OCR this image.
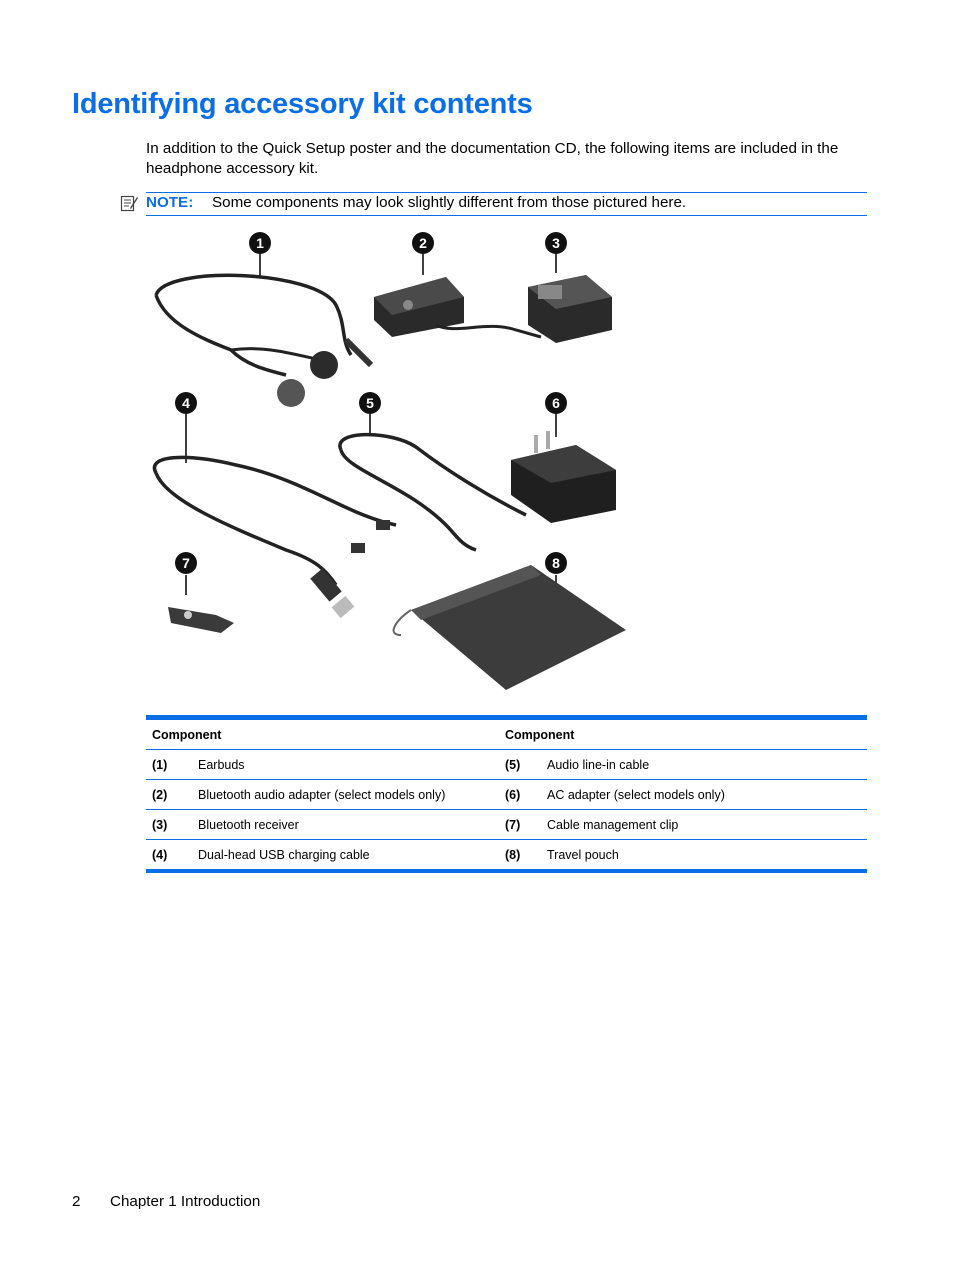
Identifying accessory kit contents

In addition to the Quick Setup poster and the documentation CD, the following items are included in the headphone accessory kit.

NOTE: Some components may look slightly different from those pictured here.
1	2	3
4	5	6
7	8
Component	Component
(1) Earbuds	(5) Audio line-in cable
(2) Bluetooth audio adapter (select models only)	(6) AC adapter (select models only)
(3) Bluetooth receiver	(7) Cable management clip
(4) Dual-head USB charging cable	(8) Travel pouch
2 Chapter 1 Introduction
